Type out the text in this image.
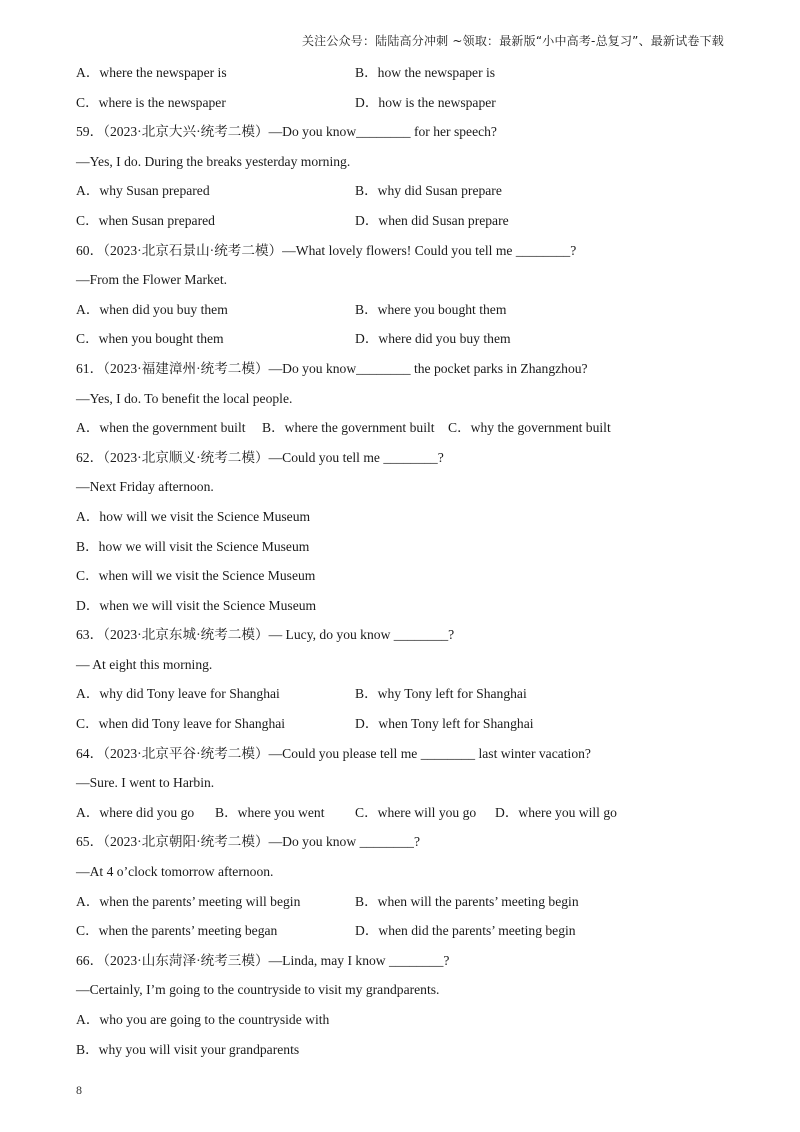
关注公众号：陆陆高分冲刺 ~领取：最新版“小中高考-总复习”、最新试卷下载
A．where the newspaper is	B．how the newspaper is
C．where is the newspaper	D．how is the newspaper
59．（2023·北京大兴·统考二模）—Do you know________ for her speech?
—Yes, I do. During the breaks yesterday morning.
A．why Susan prepared	B．why did Susan prepare
C．when Susan prepared	D．when did Susan prepare
60．（2023·北京石景山·统考二模）—What lovely flowers! Could you tell me ________?
—From the Flower Market.
A．when did you buy them	B．where you bought them
C．when you bought them	D．where did you buy them
61．（2023·福建漳州·统考二模）—Do you know________ the pocket parks in Zhangzhou?
—Yes, I do. To benefit the local people.
A．when the government built B．where the government built C．why the government built
62．（2023·北京顺义·统考二模）—Could you tell me ________?
—Next Friday afternoon.
A．how will we visit the Science Museum
B．how we will visit the Science Museum
C．when will we visit the Science Museum
D．when we will visit the Science Museum
63．（2023·北京东城·统考二模）— Lucy, do you know ________?
— At eight this morning.
A．why did Tony leave for Shanghai	B．why Tony left for Shanghai
C．when did Tony leave for Shanghai	D．when Tony left for Shanghai
64．（2023·北京平谷·统考二模）—Could you please tell me ________ last winter vacation?
—Sure. I went to Harbin.
A．where did you go B．where you went C．where will you go D．where you will go
65．（2023·北京朝阳·统考二模）—Do you know ________?
—At 4 o’clock tomorrow afternoon.
A．when the parents’ meeting will begin	B．when will the parents’ meeting begin
C．when the parents’ meeting began	D．when did the parents’ meeting begin
66．（2023·山东菏泽·统考三模）—Linda, may I know ________?
—Certainly, I’m going to the countryside to visit my grandparents.
A．who you are going to the countryside with
B．why you will visit your grandparents
8
